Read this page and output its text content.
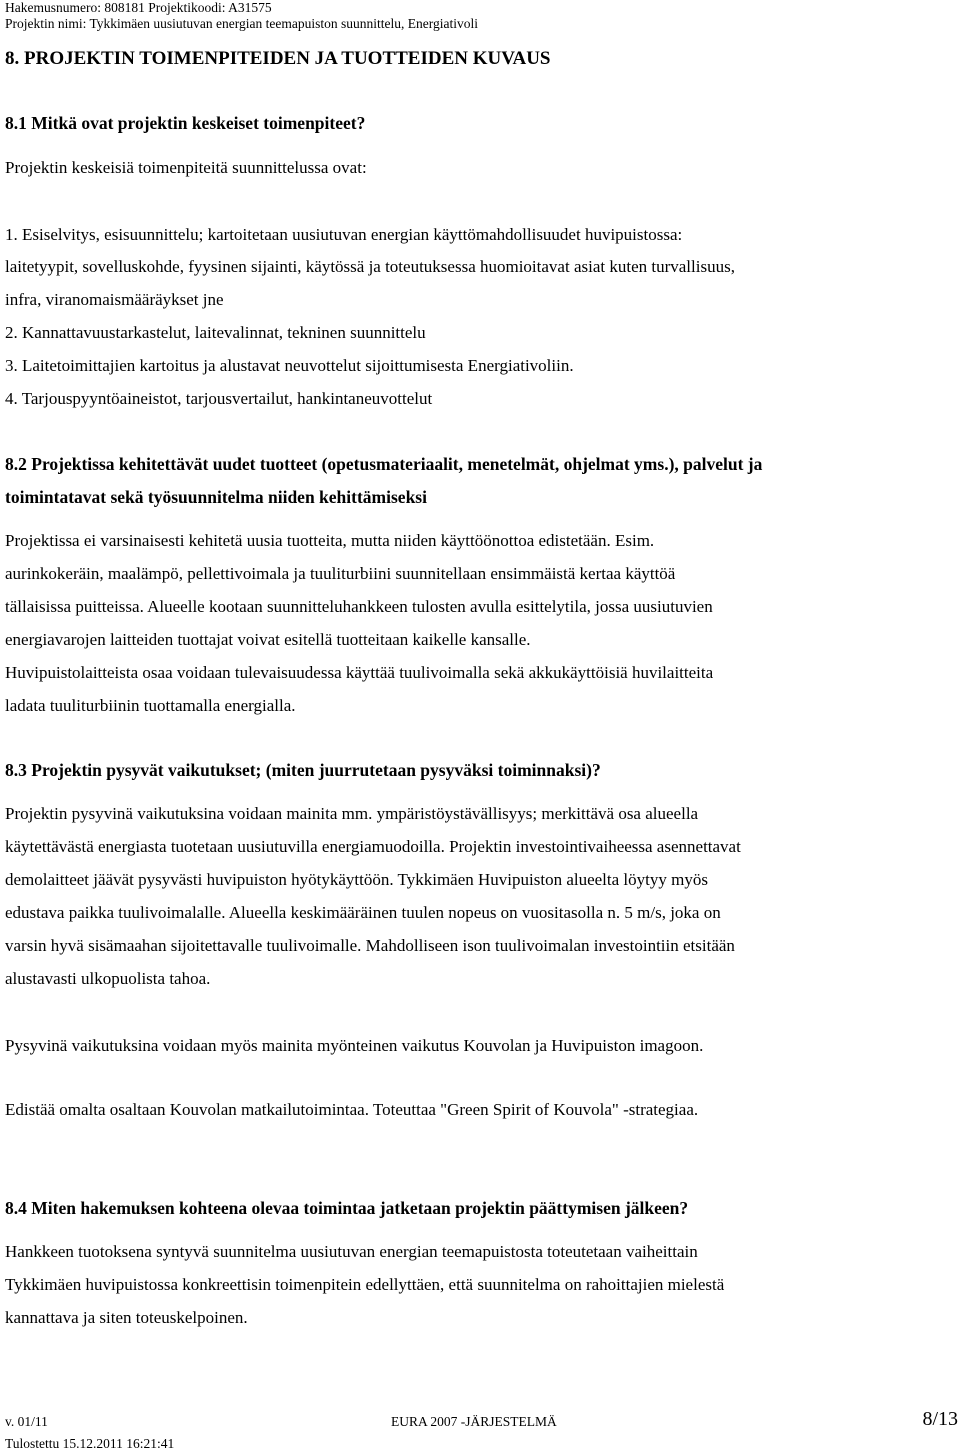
Hakemusnumero: 808181 Projektikoodi: A31575
Projektin nimi: Tykkimäen uusiutuvan energian teemapuiston suunnittelu, Energiativoli
8. PROJEKTIN TOIMENPITEIDEN JA TUOTTEIDEN KUVAUS
8.1 Mitkä ovat projektin keskeiset toimenpiteet?
Projektin keskeisiä toimenpiteitä suunnittelussa ovat:
1. Esiselvitys, esisuunnittelu; kartoitetaan uusiutuvan energian käyttömahdollisuudet huvipuistossa:
laitetyypit, sovelluskohde, fyysinen sijainti, käytössä ja toteutuksessa huomioitavat asiat kuten turvallisuus,
infra, viranomaismääräykset jne
2. Kannattavuustarkastelut, laitevalinnat, tekninen suunnittelu
3. Laitetoimittajien kartoitus ja alustavat neuvottelut sijoittumisesta Energiativoliin.
4. Tarjouspyyntöaineistot, tarjousvertailut, hankintaneuvottelut
8.2 Projektissa kehitettävät uudet tuotteet (opetusmateriaalit, menetelmät, ohjelmat yms.), palvelut ja
toimintatavat sekä työsuunnitelma niiden kehittämiseksi
Projektissa ei varsinaisesti kehitetä uusia tuotteita, mutta niiden käyttöönottoa edistetään. Esim.
aurinkokeräin, maalämpö, pellettivoimala ja tuuliturbiini suunnitellaan ensimmäistä kertaa käyttöä
tällaisissa puitteissa. Alueelle kootaan suunnitteluhankkeen tulosten avulla esittelytila, jossa uusiutuvien
energiavarojen laitteiden tuottajat voivat esitellä tuotteitaan kaikelle kansalle.
Huvipuistolaitteista osaa voidaan tulevaisuudessa käyttää tuulivoimalla sekä akkukäyttöisiä huvilaitteita
ladata tuuliturbiinin tuottamalla energialla.
8.3 Projektin pysyvät vaikutukset; (miten juurrutetaan pysyväksi toiminnaksi)?
Projektin pysyvinä vaikutuksina voidaan mainita mm. ympäristöystävällisyys; merkittävä osa alueella
käytettävästä energiasta tuotetaan uusiutuvilla energiamuodoilla. Projektin investointivaiheessa asennettavat
demolaitteet jäävät pysyvästi huvipuiston hyötykäyttöön. Tykkimäen Huvipuiston alueelta löytyy myös
edustava paikka tuulivoimalalle. Alueella keskimääräinen tuulen nopeus on vuositasolla n. 5 m/s, joka on
varsin hyvä sisämaahan sijoitettavalle tuulivoimalle. Mahdolliseen ison tuulivoimalan investointiin etsitään
alustavasti ulkopuolista tahoa.
Pysyvinä vaikutuksina voidaan myös mainita myönteinen vaikutus Kouvolan ja Huvipuiston imagoon.
Edistää omalta osaltaan Kouvolan matkailutoimintaa. Toteuttaa "Green Spirit of Kouvola" -strategiaa.
8.4 Miten hakemuksen kohteena olevaa toimintaa jatketaan projektin päättymisen jälkeen?
Hankkeen tuotoksena syntyvä suunnitelma uusiutuvan energian teemapuistosta toteutetaan vaiheittain
Tykkimäen huvipuistossa konkreettisin toimenpitein edellyttäen, että suunnitelma on rahoittajien mielestä
kannattava ja siten toteuskelpoinen.
v. 01/11	EURA 2007 -JÄRJESTELMÄ	8/13
Tulostettu 15.12.2011 16:21:41
